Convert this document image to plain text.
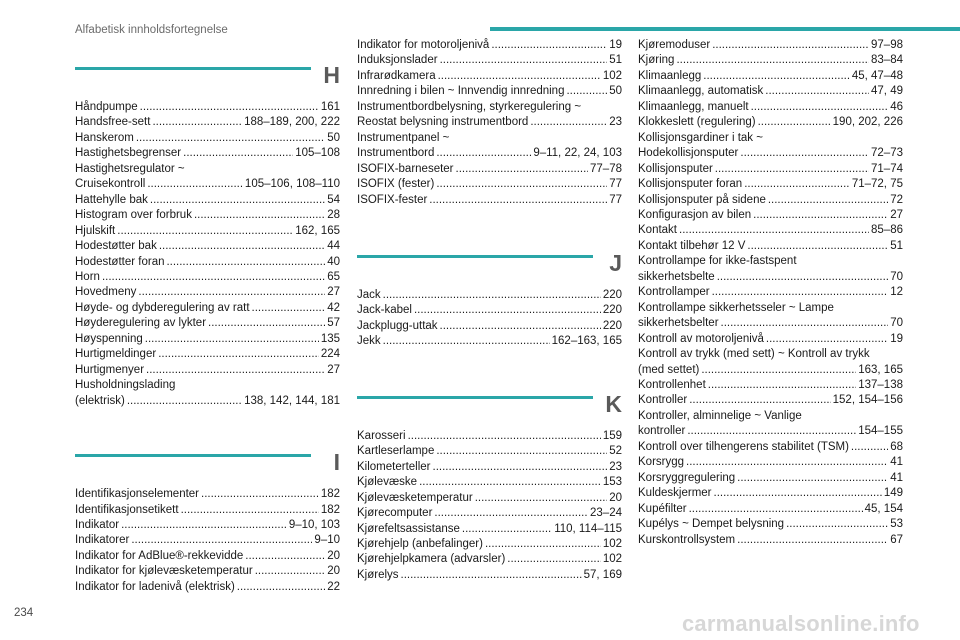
Alfabetisk innholdsfortegnelse
H
Håndpumpe . . .	161
Handsfree-sett . . .	188–189, 200, 222
Hanskerom . . .	50
Hastighetsbegrenser . . .	105–108
Hastighetsregulator ~
Cruisekontroll . . .	105–106, 108–110
Hattehylle bak . . .	54
Histogram over forbruk . . .	28
Hjulskift . . .	162, 165
Hodestøtter bak . . .	44
Hodestøtter foran . . .	40
Horn . . .	65
Hovedmeny . . .	27
Høyde- og dybderegulering av ratt . . .	42
Høyderegulering av lykter . . .	57
Høyspenning . . .	135
Hurtigmeldinger . . .	224
Hurtigmenyer . . .	27
Husholdningslading
(elektrisk) . . .	138, 142, 144, 181
I
Identifikasjonselementer . . .	182
Identifikasjonsetikett . . .	182
Indikator . . .	9–10, 103
Indikatorer . . .	9–10
Indikator for AdBlue®-rekkevidde . . .	20
Indikator for kjølevæsketemperatur . . .	20
Indikator for ladenivå (elektrisk) . . .	22
Indikator for motoroljenivå . . .	19
Induksjonslader . . .	51
Infrarødkamera . . .	102
Innredning i bilen ~ Innvendig innredning . . .	50
Instrumentbordbelysning, styrkeregulering ~
Reostat belysning instrumentbord . . .	23
Instrumentpanel ~
Instrumentbord . . .	9–11, 22, 24, 103
ISOFIX-barneseter . . .	77–78
ISOFIX (fester) . . .	77
ISOFIX-fester . . .	77
J
Jack . . .	220
Jack-kabel . . .	220
Jackplugg-uttak . . .	220
Jekk . . .	162–163, 165
K
Karosseri . . .	159
Kartleserlampe . . .	52
Kilometerteller . . .	23
Kjølevæske . . .	153
Kjølevæsketemperatur . . .	20
Kjørecomputer . . .	23–24
Kjørefeltsassistanse . . .	110, 114–115
Kjørehjelp (anbefalinger) . . .	102
Kjørehjelpkamera (advarsler) . . .	102
Kjørelys . . .	57, 169
Kjøremoduser . . .	97–98
Kjøring . . .	83–84
Klimaanlegg . . .	45, 47–48
Klimaanlegg, automatisk . . .	47, 49
Klimaanlegg, manuelt . . .	46
Klokkeslett (regulering) . . .	190, 202, 226
Kollisjonsgardiner i tak ~
Hodekollisjonsputer . . .	72–73
Kollisjonsputer . . .	71–74
Kollisjonsputer foran . . .	71–72, 75
Kollisjonsputer på sidene . . .	72
Konfigurasjon av bilen . . .	27
Kontakt . . .	85–86
Kontakt tilbehør 12 V . . .	51
Kontrollampe for ikke-fastspent
sikkerhetsbelte . . .	70
Kontrollamper . . .	12
Kontrollampe sikkerhetsseler ~ Lampe
sikkerhetsbelter . . .	70
Kontroll av motoroljenivå . . .	19
Kontroll av trykk (med sett) ~ Kontroll av trykk
(med settet) . . .	163, 165
Kontrollenhet . . .	137–138
Kontroller . . .	152, 154–156
Kontroller, alminnelige ~ Vanlige
kontroller . . .	154–155
Kontroll over tilhengerens stabilitet (TSM) . . .	68
Korsrygg . . .	41
Korsryggregulering . . .	41
Kuldeskjermer . . .	149
Kupéfilter . . .	45, 154
Kupélys ~ Dempet belysning . . .	53
Kurskontrollsystem . . .	67
234	carmanualsonline.info
